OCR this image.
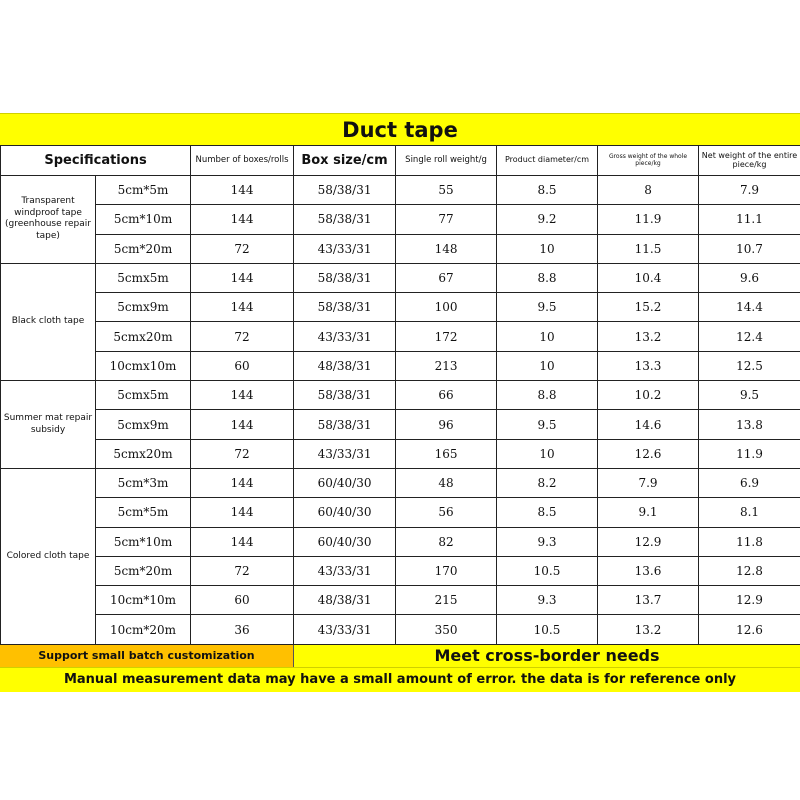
Duct tape
Specifications		Number of boxes/rolls	Box size/cm	Single roll weight/g	Product diameter/cm	Gross weight of the whole piece/kg	Net weight of the entire piece/kg
Transparent windproof tape (greenhouse repair tape)	5cm*5m	144	58/38/31	55	8.5	8	7.9
	5cm*10m	144	58/38/31	77	9.2	11.9	11.1
	5cm*20m	72	43/33/31	148	10	11.5	10.7
Black cloth tape	5cmx5m	144	58/38/31	67	8.8	10.4	9.6
	5cmx9m	144	58/38/31	100	9.5	15.2	14.4
	5cmx20m	72	43/33/31	172	10	13.2	12.4
	10cmx10m	60	48/38/31	213	10	13.3	12.5
Summer mat repair subsidy	5cmx5m	144	58/38/31	66	8.8	10.2	9.5
	5cmx9m	144	58/38/31	96	9.5	14.6	13.8
	5cmx20m	72	43/33/31	165	10	12.6	11.9
Colored cloth tape	5cm*3m	144	60/40/30	48	8.2	7.9	6.9
	5cm*5m	144	60/40/30	56	8.5	9.1	8.1
	5cm*10m	144	60/40/30	82	9.3	12.9	11.8
	5cm*20m	72	43/33/31	170	10.5	13.6	12.8
	10cm*10m	60	48/38/31	215	9.3	13.7	12.9
	10cm*20m	36	43/33/31	350	10.5	13.2	12.6
Support small batch customization	Meet cross-border needs
Manual measurement data may have a small amount of error. the data is for reference only
